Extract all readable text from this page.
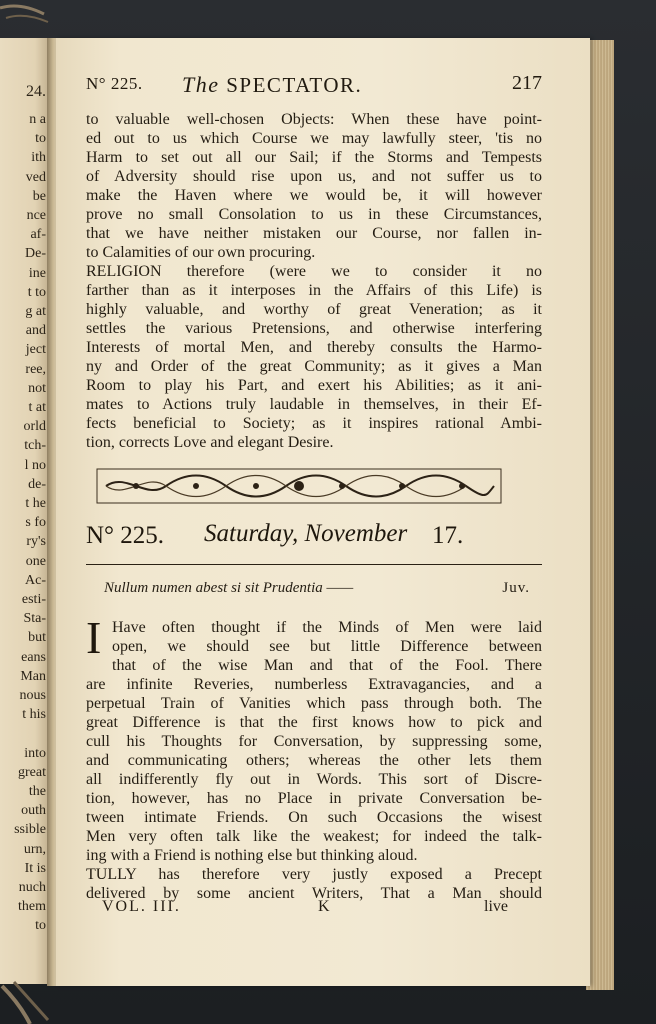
24.
n a
to
ith
ved
be
nce
af-
De-
ine
t to
g at
and
ject
ree,
not
t at
orld
tch-
l no
de-
t he
s fo
ry's
one
Ac-
esti-
Sta-
but
eans
Man
nous
t his
into
great
the
outh
ssible
urn,
It is
nuch
them
to
N° 225. The SPECTATOR.	217
to valuable well-chosen Objects: When these have point-
ed out to us which Course we may lawfully steer, 'tis no
Harm to set out all our Sail; if the Storms and Tempests
of Adversity should rise upon us, and not suffer us to
make the Haven where we would be, it will however
prove no small Consolation to us in these Circumstances,
that we have neither mistaken our Course, nor fallen in-
to Calamities of our own procuring.
RELIGION therefore (were we to consider it no
farther than as it interposes in the Affairs of this Life) is
highly valuable, and worthy of great Veneration; as it
settles the various Pretensions, and otherwise interfering
Interests of mortal Men, and thereby consults the Harmo-
ny and Order of the great Community; as it gives a Man
Room to play his Part, and exert his Abilities; as it ani-
mates to Actions truly laudable in themselves, in their Ef-
fects beneficial to Society; as it inspires rational Ambi-
tion, corrects Love and elegant Desire.
N° 225. Saturday, November 17.
Nullum numen abest si sit Prudentia ——	Juv.
I Have often thought if the Minds of Men were laid
open, we should see but little Difference between
that of the wise Man and that of the Fool. There
are infinite Reveries, numberless Extravagancies, and a
perpetual Train of Vanities which pass through both. The
great Difference is that the first knows how to pick and
cull his Thoughts for Conversation, by suppressing some,
and communicating others; whereas the other lets them
all indifferently fly out in Words. This sort of Discre-
tion, however, has no Place in private Conversation be-
tween intimate Friends. On such Occasions the wisest
Men very often talk like the weakest; for indeed the talk-
ing with a Friend is nothing else but thinking aloud.
TULLY has therefore very justly exposed a Precept
delivered by some ancient Writers, That a Man should
VOL. III.	K	live
